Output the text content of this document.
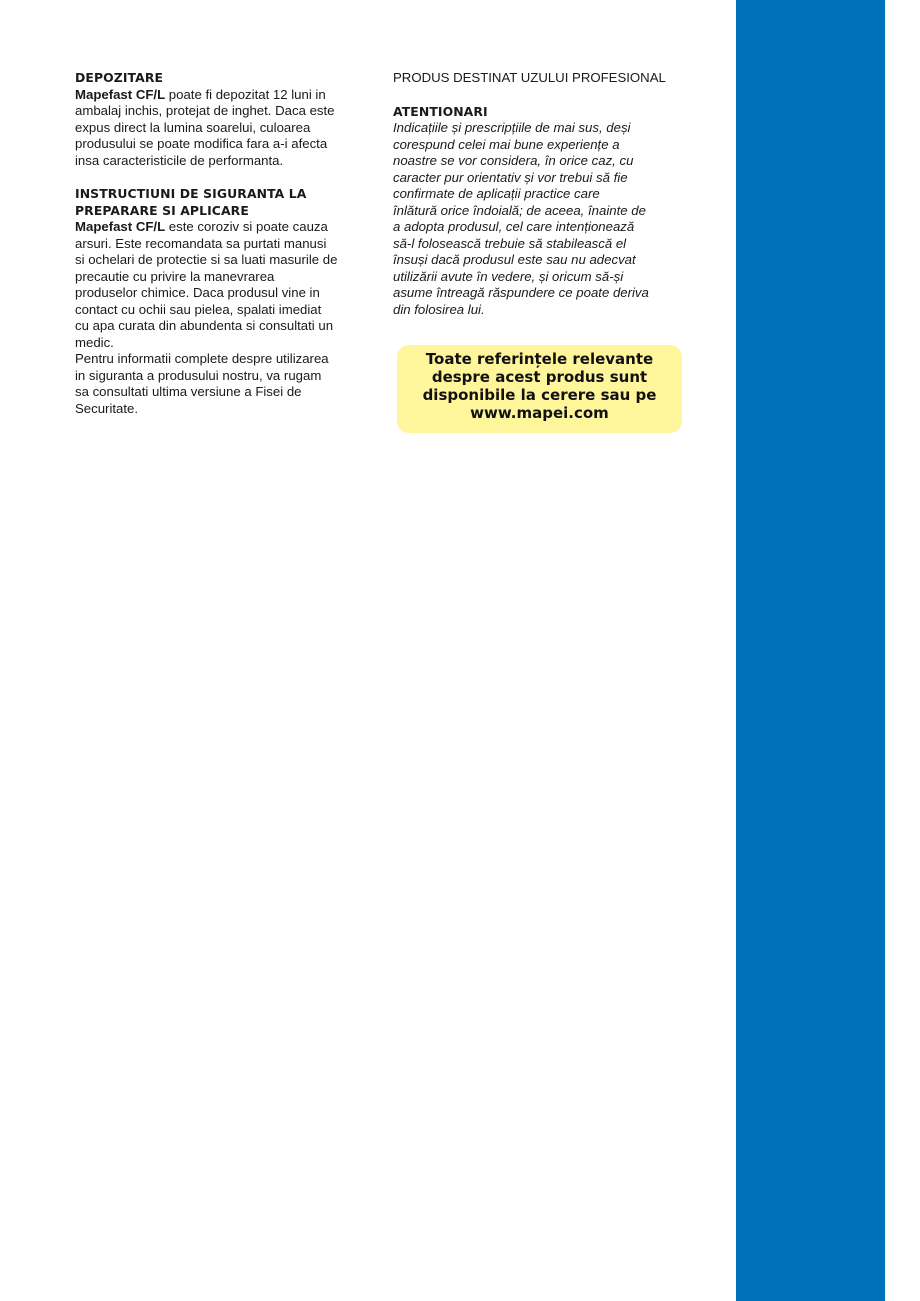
DEPOZITARE

Mapefast CF/L poate fi depozitat 12 luni in

ambalaj inchis, protejat de inghet. Daca este

expus direct la lumina soarelui, culoarea

produsului se poate modifica fara a-i afecta

insa caracteristicile de performanta.

INSTRUCTIUNI DE SIGURANTA LA

PREPARARE SI APLICARE

Mapefast CF/L este coroziv si poate cauza

arsuri. Este recomandata sa purtati manusi

si ochelari de protectie si sa luati masurile de

precautie cu privire la manevrarea

produselor chimice. Daca produsul vine in

contact cu ochii sau pielea, spalati imediat

cu apa curata din abundenta si consultati un

medic.

Pentru informatii complete despre utilizarea

in siguranta a produsului nostru, va rugam

sa consultati ultima versiune a Fisei de

Securitate.

PRODUS DESTINAT UZULUI PROFESIONAL

ATENTIONARI

Indicațiile și prescripțiile de mai sus, deși

corespund celei mai bune experiențe a

noastre se vor considera, în orice caz, cu

caracter pur orientativ și vor trebui să fie

confirmate de aplicații practice care

înlătură orice îndoială; de aceea, înainte de

a adopta produsul, cel care intenționează

să-l folosească trebuie să stabilească el

însuși dacă produsul este sau nu adecvat

utilizării avute în vedere, și oricum să-și

asume întreagă răspundere ce poate deriva

din folosirea lui.

Toate referințele relevante
despre acest produs sunt
disponibile la cerere sau pe
www.mapei.com
